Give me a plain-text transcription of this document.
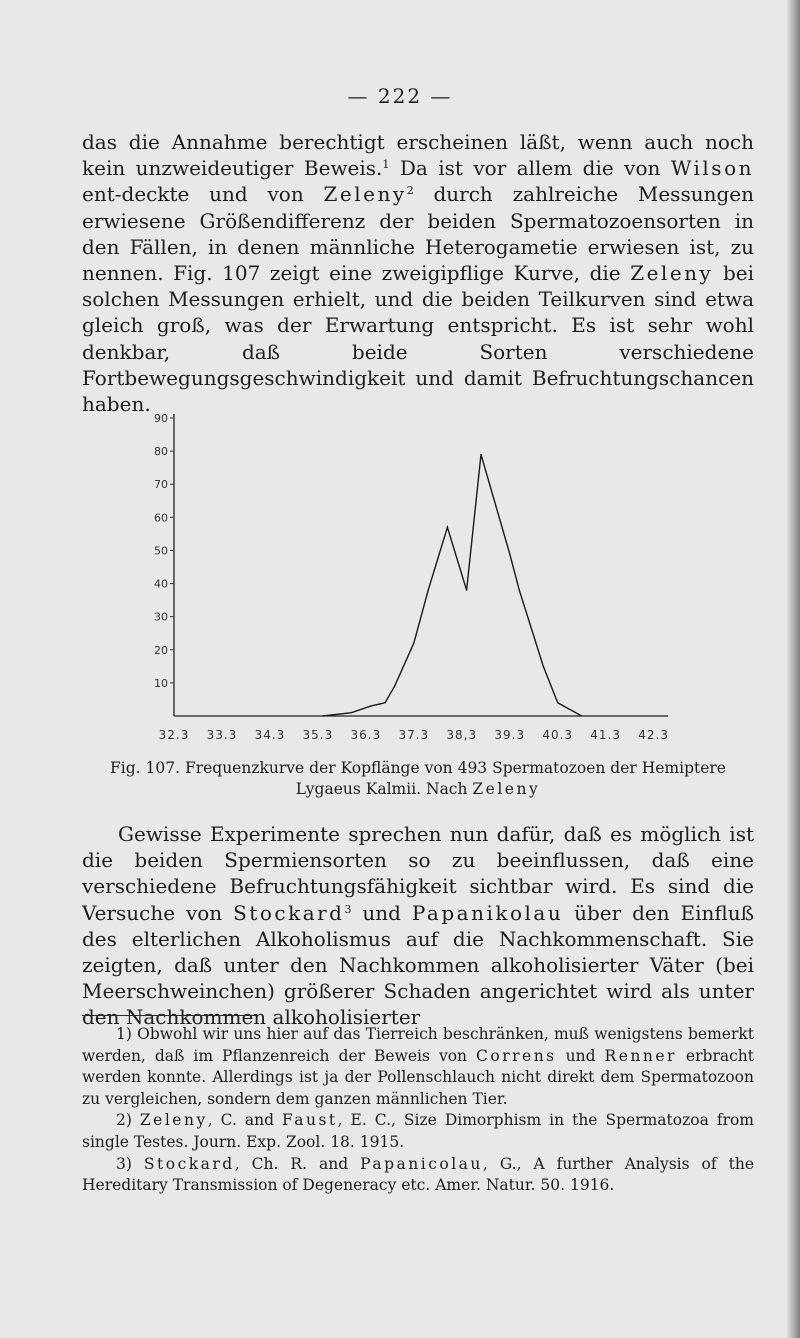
— 222 —

das die Annahme berechtigt erscheinen läßt, wenn auch noch kein unzweideutiger Beweis.$^1$ Da ist vor allem die von Wilson ent-deckte und von Zeleny$^2$ durch zahlreiche Messungen erwiesene Größendifferenz der beiden Spermatozoensorten in den Fällen, in denen männliche Heterogametie erwiesen ist, zu nennen. Fig. 107 zeigt eine zweigipflige Kurve, die Zeleny bei solchen Messungen erhielt, und die beiden Teilkurven sind etwa gleich groß, was der Erwartung entspricht. Es ist sehr wohl denkbar, daß beide Sorten verschiedene Fortbewegungsgeschwindigkeit und damit Befruchtungschancen haben.

10
20
30
40
50
60
70
80
90
32.3 33.3 34.3 35.3 36.3 37.3 38,3 39.3 40.3 41.3 42.3

Fig. 107. Frequenzkurve der Kopflänge von 493 Spermatozoen der Hemiptere

Lygaeus Kalmii. Nach Zeleny

Gewisse Experimente sprechen nun dafür, daß es möglich ist die beiden Spermiensorten so zu beeinflussen, daß eine verschiedene Befruchtungsfähigkeit sichtbar wird. Es sind die Versuche von Stockard$^3$ und Papanikolau über den Einfluß des elterlichen Alkoholismus auf die Nachkommenschaft. Sie zeigten, daß unter den Nachkommen alkoholisierter Väter (bei Meerschweinchen) größerer Schaden angerichtet wird als unter den Nachkommen alkoholisierter

1) Obwohl wir uns hier auf das Tierreich beschränken, muß wenigstens bemerkt werden, daß im Pflanzenreich der Beweis von Correns und Renner erbracht werden konnte. Allerdings ist ja der Pollenschlauch nicht direkt dem Spermatozoon zu vergleichen, sondern dem ganzen männlichen Tier.

2) Zeleny, C. and Faust, E. C., Size Dimorphism in the Spermatozoa from single Testes. Journ. Exp. Zool. 18. 1915.

3) Stockard, Ch. R. and Papanicolau, G., A further Analysis of the Hereditary Transmission of Degeneracy etc. Amer. Natur. 50. 1916.
